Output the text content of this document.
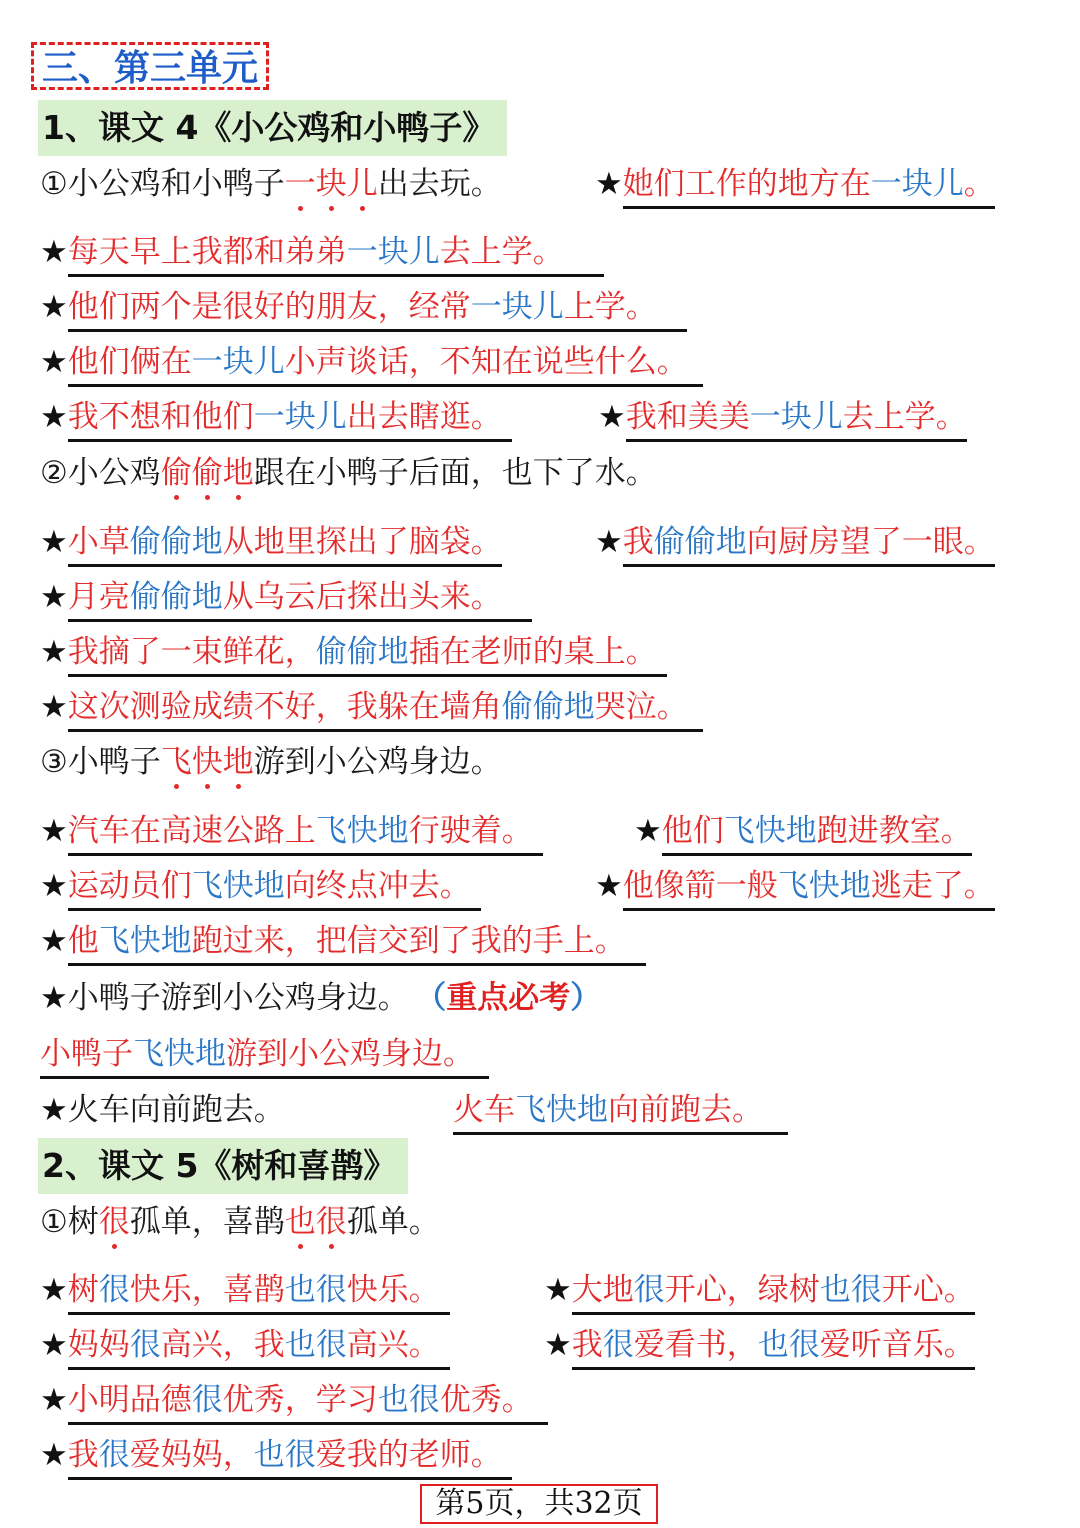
三、第三单元
1、课文 4《小公鸡和小鸭子》
①小公鸡和小鸭子一块儿出去玩。	★她们工作的地方在一块儿。
★每天早上我都和弟弟一块儿去上学。
★他们两个是很好的朋友，经常一块儿上学。
★他们俩在一块儿小声谈话，不知在说些什么。
★我不想和他们一块儿出去瞎逛。	★我和美美一块儿去上学。
②小公鸡偷偷地跟在小鸭子后面，也下了水。
★小草偷偷地从地里探出了脑袋。	★我偷偷地向厨房望了一眼。
★月亮偷偷地从乌云后探出头来。
★我摘了一束鲜花，偷偷地插在老师的桌上。
★这次测验成绩不好，我躲在墙角偷偷地哭泣。
③小鸭子飞快地游到小公鸡身边。
★汽车在高速公路上飞快地行驶着。	★他们飞快地跑进教室。
★运动员们飞快地向终点冲去。	★他像箭一般飞快地逃走了。
★他飞快地跑过来，把信交到了我的手上。
★小鸭子游到小公鸡身边。 （重点必考）
小鸭子飞快地游到小公鸡身边。
★火车向前跑去。	火车飞快地向前跑去。
2、课文 5《树和喜鹊》
①树很孤单，喜鹊也很孤单。
★树很快乐，喜鹊也很快乐。	★大地很开心，绿树也很开心。
★妈妈很高兴，我也很高兴。	★我很爱看书，也很爱听音乐。
★小明品德很优秀，学习也很优秀。
★我很爱妈妈，也很爱我的老师。
第5页，共32页
